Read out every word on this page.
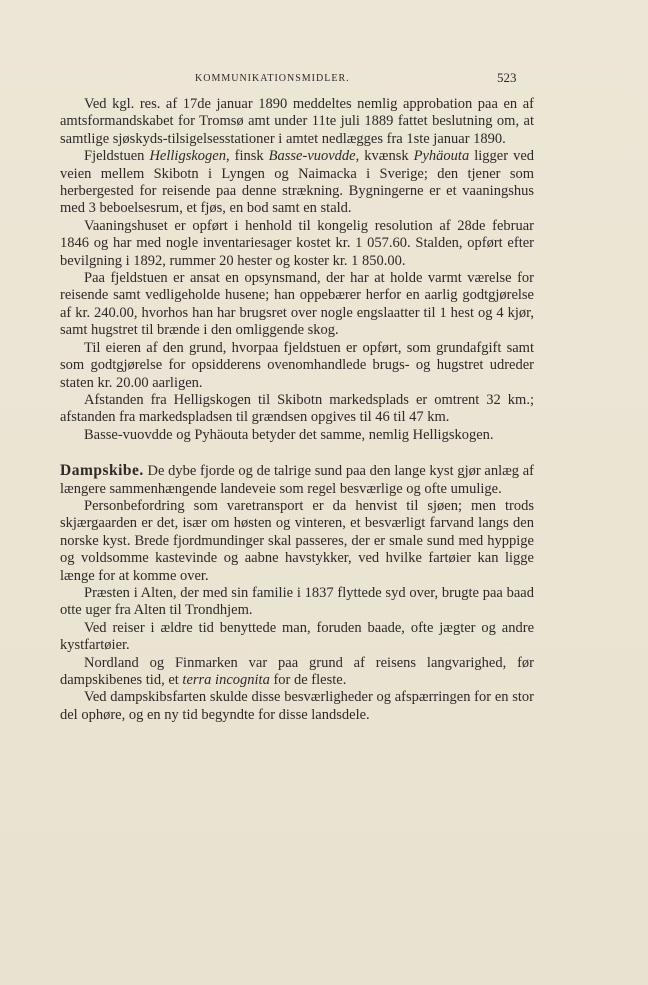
KOMMUNIKATIONSMIDLER.	523

Ved kgl. res. af 17de januar 1890 meddeltes nemlig approbation paa en af amtsformandskabet for Tromsø amt under 11te juli 1889 fattet beslutning om, at samtlige sjøskyds-tilsigelsesstationer i amtet nedlægges fra 1ste januar 1890.

Fjeldstuen Helligskogen, finsk Basse-vuovdde, kvænsk Pyhäouta ligger ved veien mellem Skibotn i Lyngen og Naimacka i Sverige; den tjener som herbergested for reisende paa denne strækning. Bygningerne er et vaaningshus med 3 beboelsesrum, et fjøs, en bod samt en stald.

Vaaningshuset er opført i henhold til kongelig resolution af 28de februar 1846 og har med nogle inventariesager kostet kr. 1 057.60. Stalden, opført efter bevilgning i 1892, rummer 20 hester og koster kr. 1 850.00.

Paa fjeldstuen er ansat en opsynsmand, der har at holde varmt værelse for reisende samt vedligeholde husene; han oppebærer herfor en aarlig godtgjørelse af kr. 240.00, hvorhos han har brugsret over nogle engslaatter til 1 hest og 4 kjør, samt hugstret til brænde i den omliggende skog.

Til eieren af den grund, hvorpaa fjeldstuen er opført, som grundafgift samt som godtgjørelse for opsidderens ovenomhandlede brugs- og hugstret udreder staten kr. 20.00 aarligen.

Afstanden fra Helligskogen til Skibotn markedsplads er omtrent 32 km.; afstanden fra markedspladsen til grændsen opgives til 46 til 47 km.

Basse-vuovdde og Pyhäouta betyder det samme, nemlig Helligskogen.

Dampskibe. De dybe fjorde og de talrige sund paa den lange kyst gjør anlæg af længere sammenhængende landeveie som regel besværlige og ofte umulige.

Personbefordring som varetransport er da henvist til sjøen; men trods skjærgaarden er det, især om høsten og vinteren, et besværligt farvand langs den norske kyst. Brede fjordmundinger skal passeres, der er smale sund med hyppige og voldsomme kastevinde og aabne havstykker, ved hvilke fartøier kan ligge længe for at komme over.

Præsten i Alten, der med sin familie i 1837 flyttede syd over, brugte paa baad otte uger fra Alten til Trondhjem.

Ved reiser i ældre tid benyttede man, foruden baade, ofte jægter og andre kystfartøier.

Nordland og Finmarken var paa grund af reisens langvarighed, før dampskibenes tid, et terra incognita for de fleste.

Ved dampskibsfarten skulde disse besværligheder og afspærringen for en stor del ophøre, og en ny tid begyndte for disse landsdele.
